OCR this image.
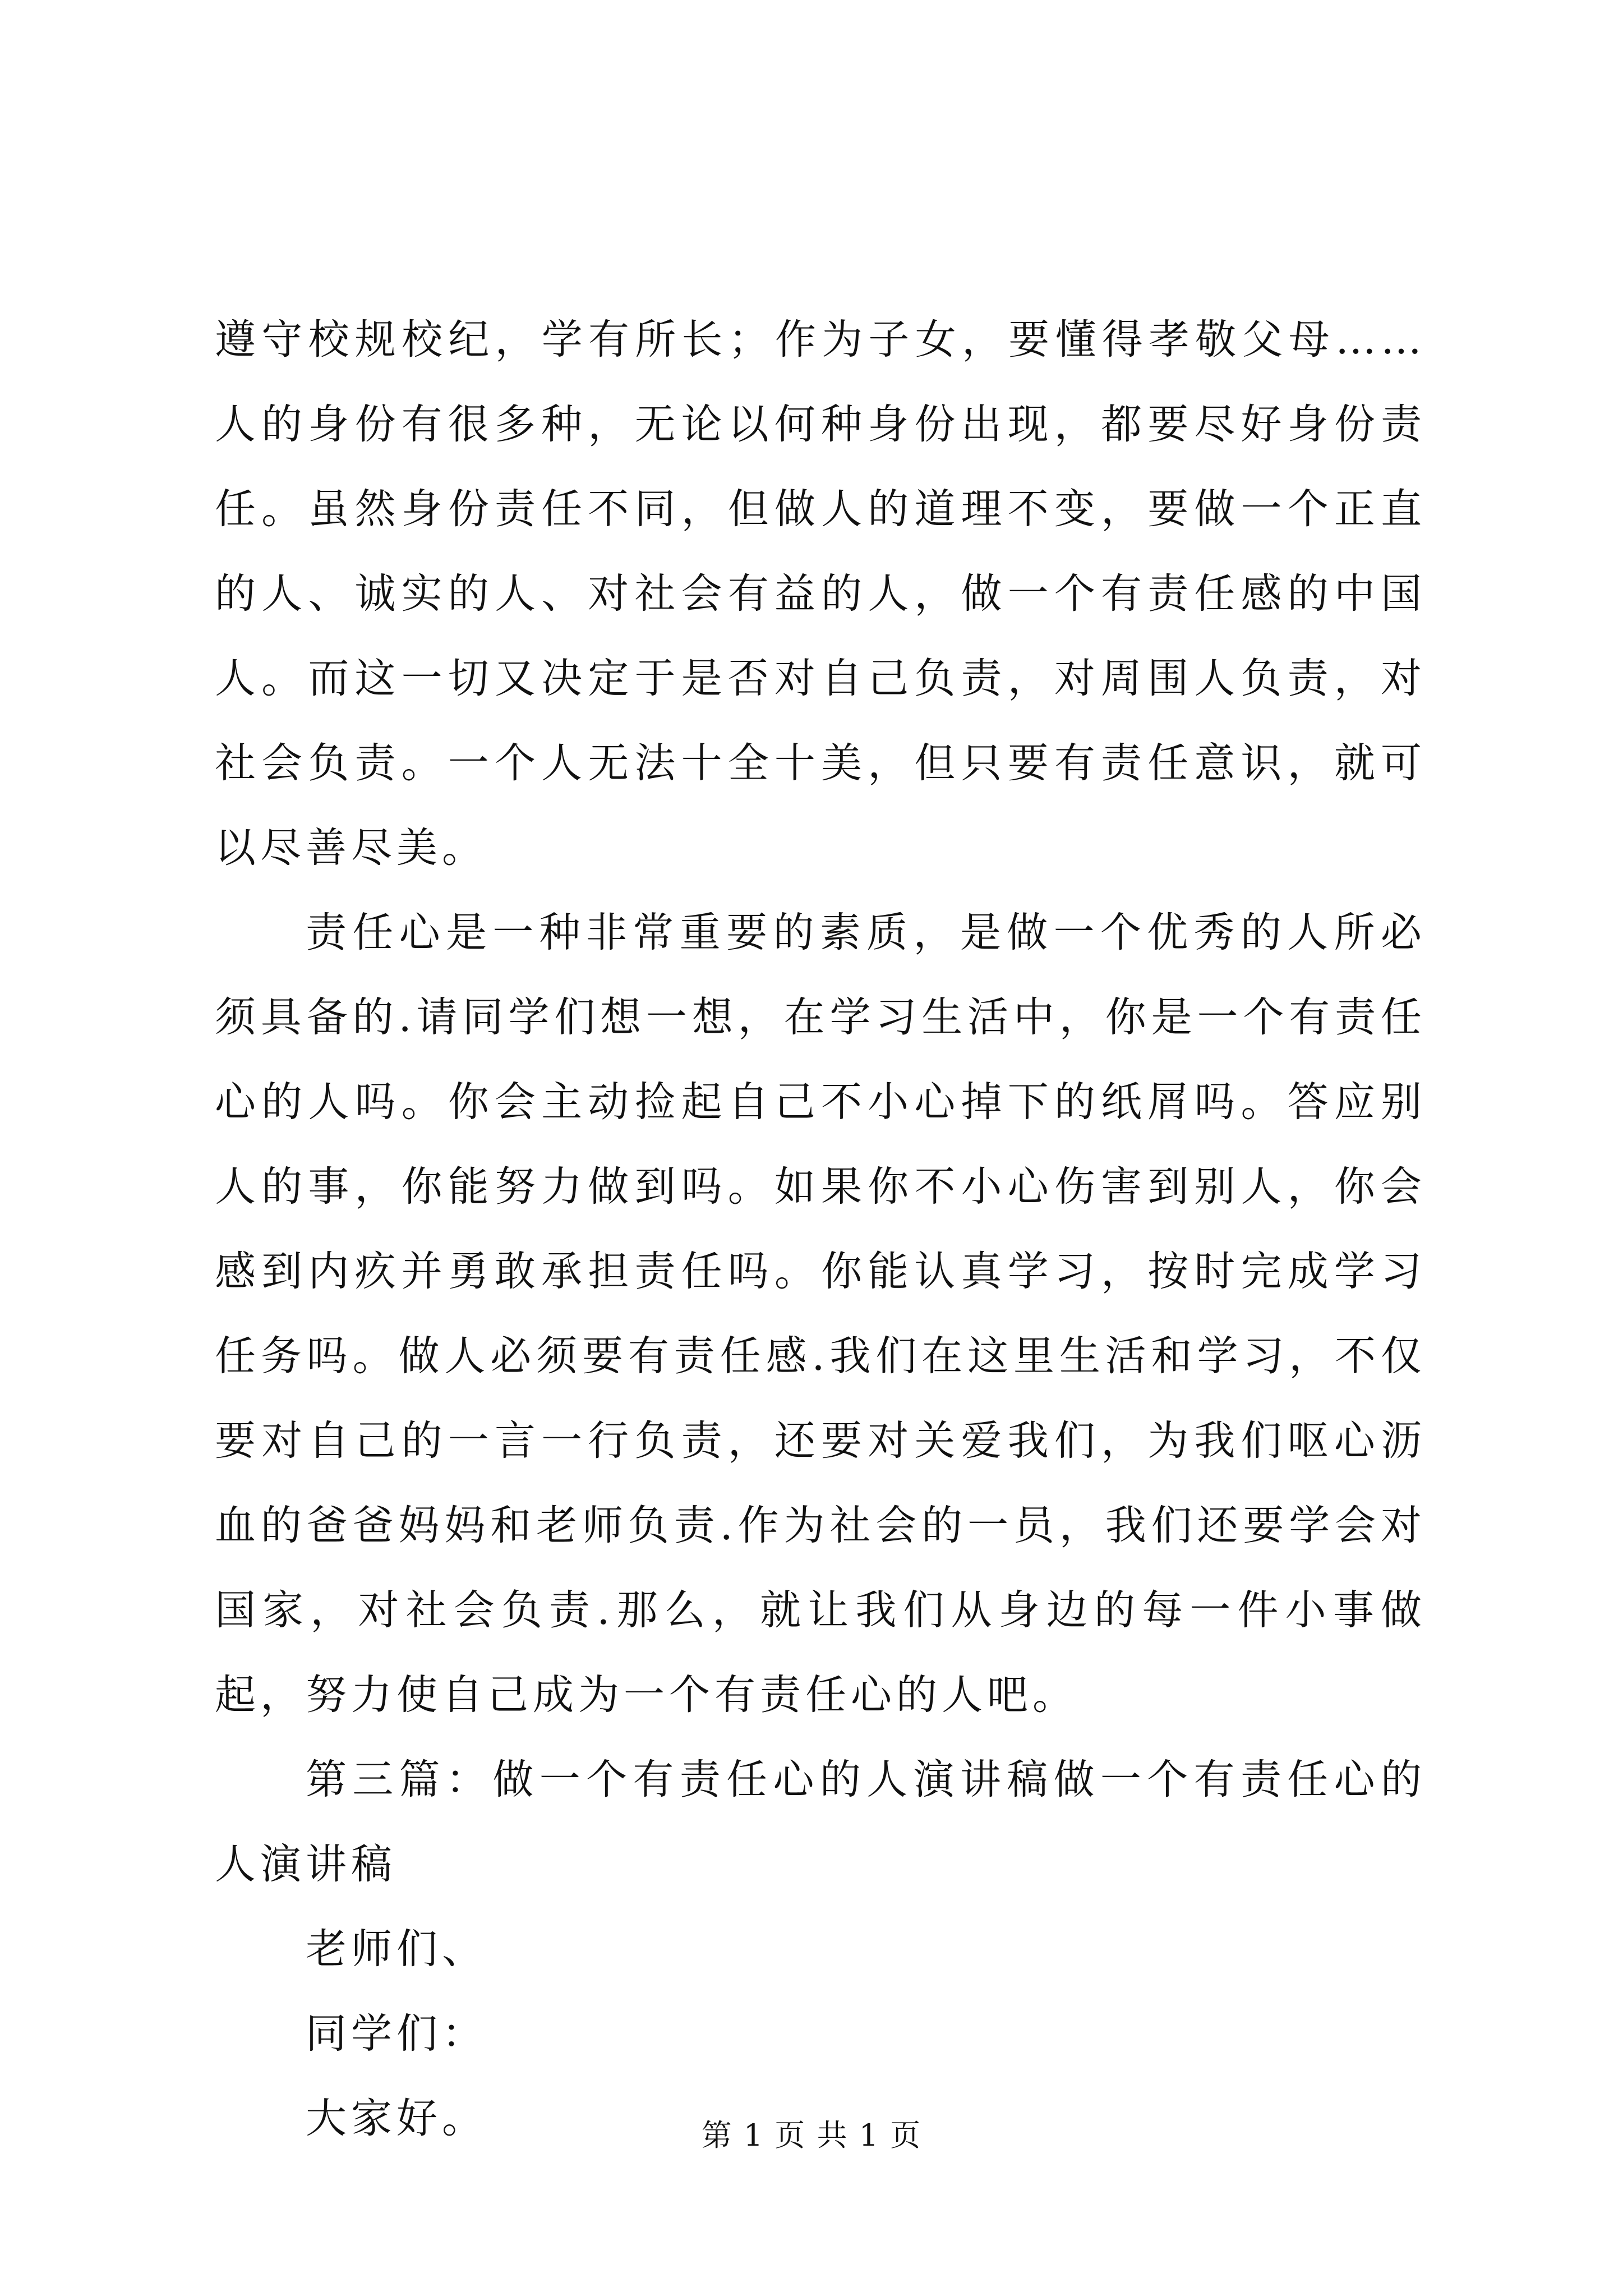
遵守校规校纪，学有所长；作为子女，要懂得孝敬父母……人的身份有很多种，无论以何种身份出现，都要尽好身份责任。虽然身份责任不同，但做人的道理不变，要做一个正直的人、诚实的人、对社会有益的人，做一个有责任感的中国人。而这一切又决定于是否对自己负责，对周围人负责，对社会负责。一个人无法十全十美，但只要有责任意识，就可以尽善尽美。

责任心是一种非常重要的素质，是做一个优秀的人所必须具备的.请同学们想一想，在学习生活中，你是一个有责任心的人吗。你会主动捡起自己不小心掉下的纸屑吗。答应别人的事，你能努力做到吗。如果你不小心伤害到别人，你会感到内疚并勇敢承担责任吗。你能认真学习，按时完成学习任务吗。做人必须要有责任感.我们在这里生活和学习，不仅要对自己的一言一行负责，还要对关爱我们，为我们呕心沥血的爸爸妈妈和老师负责.作为社会的一员，我们还要学会对国家，对社会负责.那么，就让我们从身边的每一件小事做起，努力使自己成为一个有责任心的人吧。

第三篇：做一个有责任心的人演讲稿做一个有责任心的人演讲稿

老师们、

同学们：

大家好。	第 1 页 共 1 页
